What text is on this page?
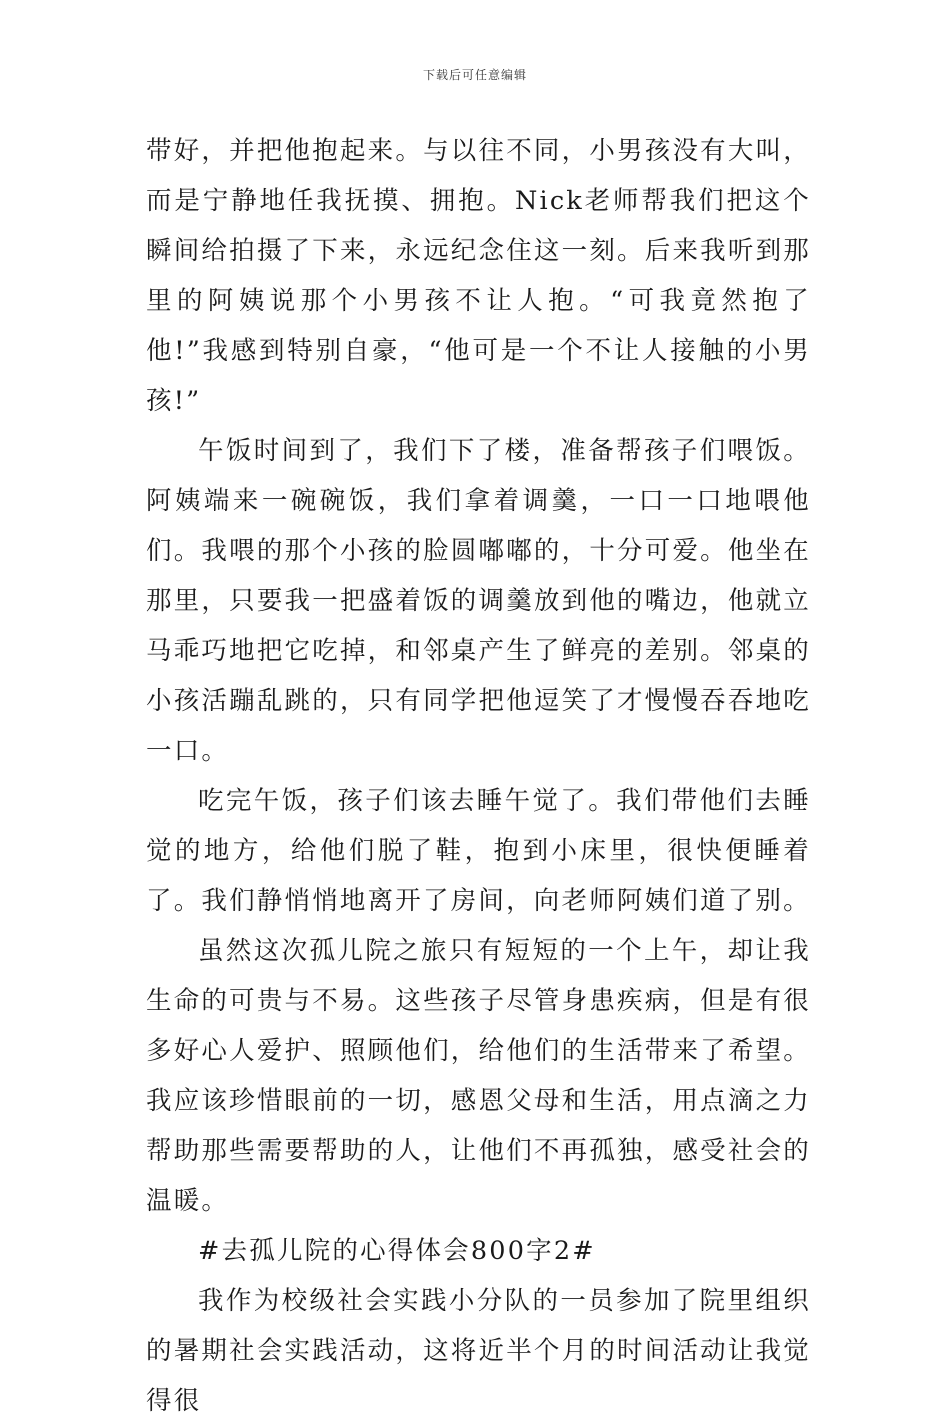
下载后可任意编辑

带好，并把他抱起来。与以往不同，小男孩没有大叫，而是宁静地任我抚摸、拥抱。Nick老师帮我们把这个瞬间给拍摄了下来，永远纪念住这一刻。后来我听到那里的阿姨说那个小男孩不让人抱。“可我竟然抱了他!”我感到特别自豪，“他可是一个不让人接触的小男孩!”

午饭时间到了，我们下了楼，准备帮孩子们喂饭。阿姨端来一碗碗饭，我们拿着调羹，一口一口地喂他们。我喂的那个小孩的脸圆嘟嘟的，十分可爱。他坐在那里，只要我一把盛着饭的调羹放到他的嘴边，他就立马乖巧地把它吃掉，和邻桌产生了鲜亮的差别。邻桌的小孩活蹦乱跳的，只有同学把他逗笑了才慢慢吞吞地吃一口。

吃完午饭，孩子们该去睡午觉了。我们带他们去睡觉的地方，给他们脱了鞋，抱到小床里，很快便睡着了。我们静悄悄地离开了房间，向老师阿姨们道了别。

虽然这次孤儿院之旅只有短短的一个上午，却让我生命的可贵与不易。这些孩子尽管身患疾病，但是有很多好心人爱护、照顾他们，给他们的生活带来了希望。我应该珍惜眼前的一切，感恩父母和生活，用点滴之力帮助那些需要帮助的人，让他们不再孤独，感受社会的温暖。

#去孤儿院的心得体会800字2#

我作为校级社会实践小分队的一员参加了院里组织的暑期社会实践活动，这将近半个月的时间活动让我觉得很
